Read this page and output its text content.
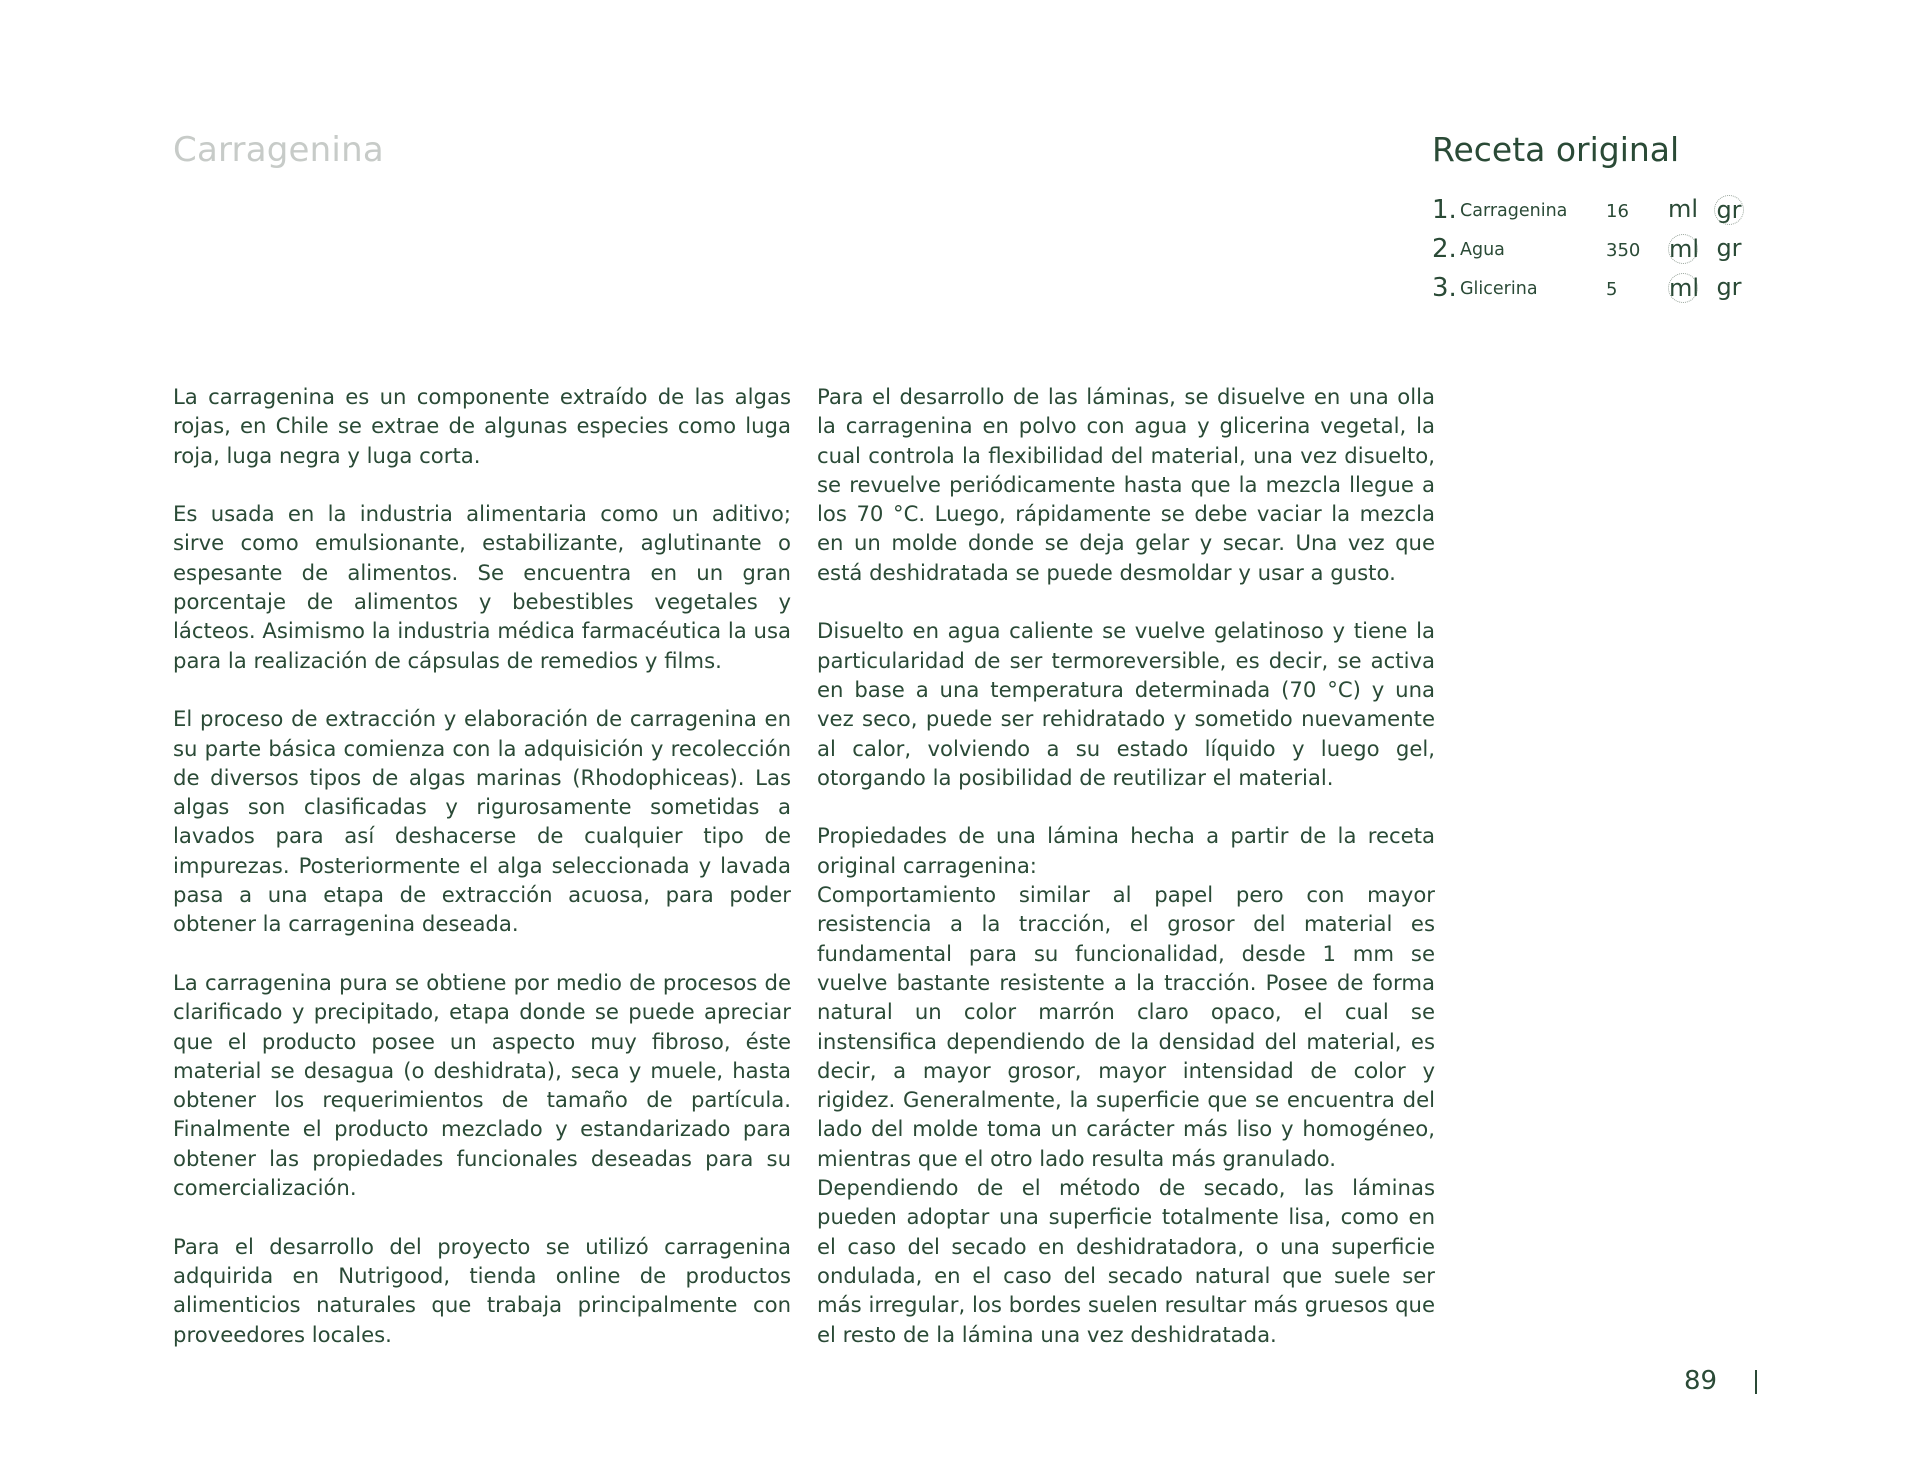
Carragenina	Receta original
1. Carragenina 16 ml gr
2. Agua	350 ml gr
3. Glicerina	5 ml gr

La carragenina es un componente extraído de las algas rojas, en Chile se extrae de algunas especies como luga roja, luga negra y luga corta.

Es usada en la industria alimentaria como un aditivo; sirve como emulsionante, estabilizante, aglutinante o espesante de alimentos. Se encuentra en un gran porcentaje de alimentos y bebestibles vegetales y lácteos. Asimismo la industria médica farmacéutica la usa para la realización de cápsulas de remedios y films.

El proceso de extracción y elaboración de carragenina en su parte básica comienza con la adquisición y recolección de diversos tipos de algas marinas (Rhodophiceas). Las algas son clasificadas y rigurosamente sometidas a lavados para así deshacerse de cualquier tipo de impurezas. Posteriormente el alga seleccionada y lavada pasa a una etapa de extracción acuosa, para poder obtener la carragenina deseada.

La carragenina pura se obtiene por medio de procesos de clarificado y precipitado, etapa donde se puede apreciar que el producto posee un aspecto muy fibroso, éste material se desagua (o deshidrata), seca y muele, hasta obtener los requerimientos de tamaño de partícula. Finalmente el producto mezclado y estandarizado para obtener las propiedades funcionales deseadas para su comercialización.

Para el desarrollo del proyecto se utilizó carragenina adquirida en Nutrigood, tienda online de productos alimenticios naturales que trabaja principalmente con proveedores locales.

Para el desarrollo de las láminas, se disuelve en una olla la carragenina en polvo con agua y glicerina vegetal, la cual controla la flexibilidad del material, una vez disuelto, se revuelve periódicamente hasta que la mezcla llegue a los 70 °C. Luego, rápidamente se debe vaciar la mezcla en un molde donde se deja gelar y secar. Una vez que está deshidratada se puede desmoldar y usar a gusto.

Disuelto en agua caliente se vuelve gelatinoso y tiene la particularidad de ser termoreversible, es decir, se activa en base a una temperatura determinada (70 °C) y una vez seco, puede ser rehidratado y sometido nuevamente al calor, volviendo a su estado líquido y luego gel, otorgando la posibilidad de reutilizar el material.

Propiedades de una lámina hecha a partir de la receta original carragenina:

Comportamiento similar al papel pero con mayor resistencia a la tracción, el grosor del material es fundamental para su funcionalidad, desde 1 mm se vuelve bastante resistente a la tracción. Posee de forma natural un color marrón claro opaco, el cual se instensifica dependiendo de la densidad del material, es decir, a mayor grosor, mayor intensidad de color y rigidez. Generalmente, la superficie que se encuentra del lado del molde toma un carácter más liso y homogéneo, mientras que el otro lado resulta más granulado.

Dependiendo de el método de secado, las láminas pueden adoptar una superficie totalmente lisa, como en el caso del secado en deshidratadora, o una superficie ondulada, en el caso del secado natural que suele ser más irregular, los bordes suelen resultar más gruesos que el resto de la lámina una vez deshidratada.

89
